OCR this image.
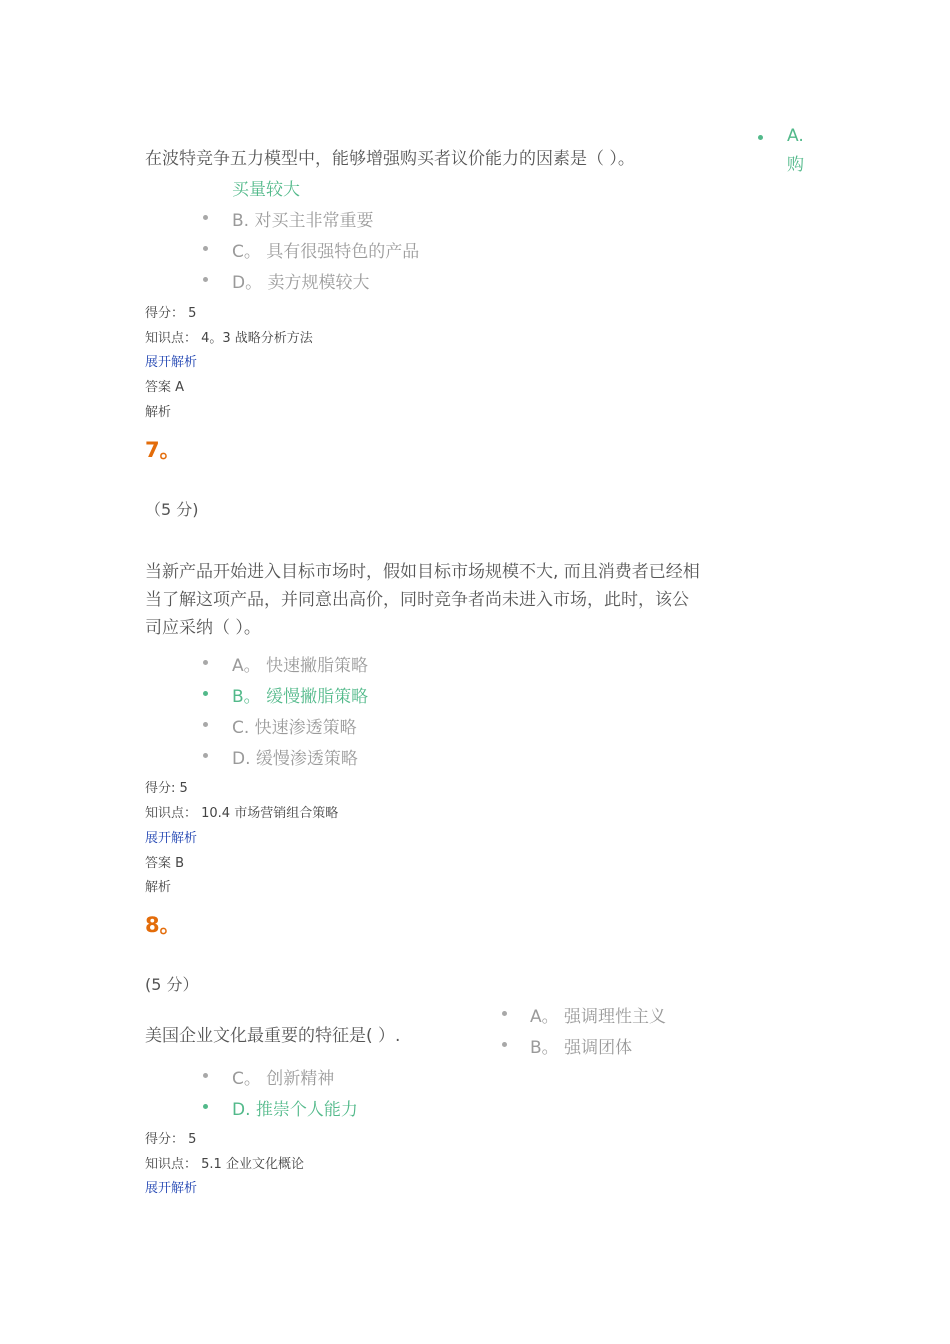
A.
购
在波特竞争五力模型中，能够增强购买者议价能力的因素是（ ）。
买量较大
B. 对买主非常重要
C。 具有很强特色的产品
D。 卖方规模较大
得分： 5
知识点： 4。3 战略分析方法
展开解析
答案 A
解析
7。
（5 分)
当新产品开始进入目标市场时，假如目标市场规模不大, 而且消费者已经相
当了解这项产品，并同意出高价，同时竞争者尚未进入市场，此时，该公
司应采纳（ ）。
A。 快速撇脂策略
B。 缓慢撇脂策略
C. 快速渗透策略
D. 缓慢渗透策略
得分: 5
知识点： 10.4 市场营销组合策略
展开解析
答案 B
解析
8。
(5 分）
A。 强调理性主义
美国企业文化最重要的特征是( ）.
B。 强调团体
C。 创新精神
D. 推崇个人能力
得分： 5
知识点： 5.1 企业文化概论
展开解析
